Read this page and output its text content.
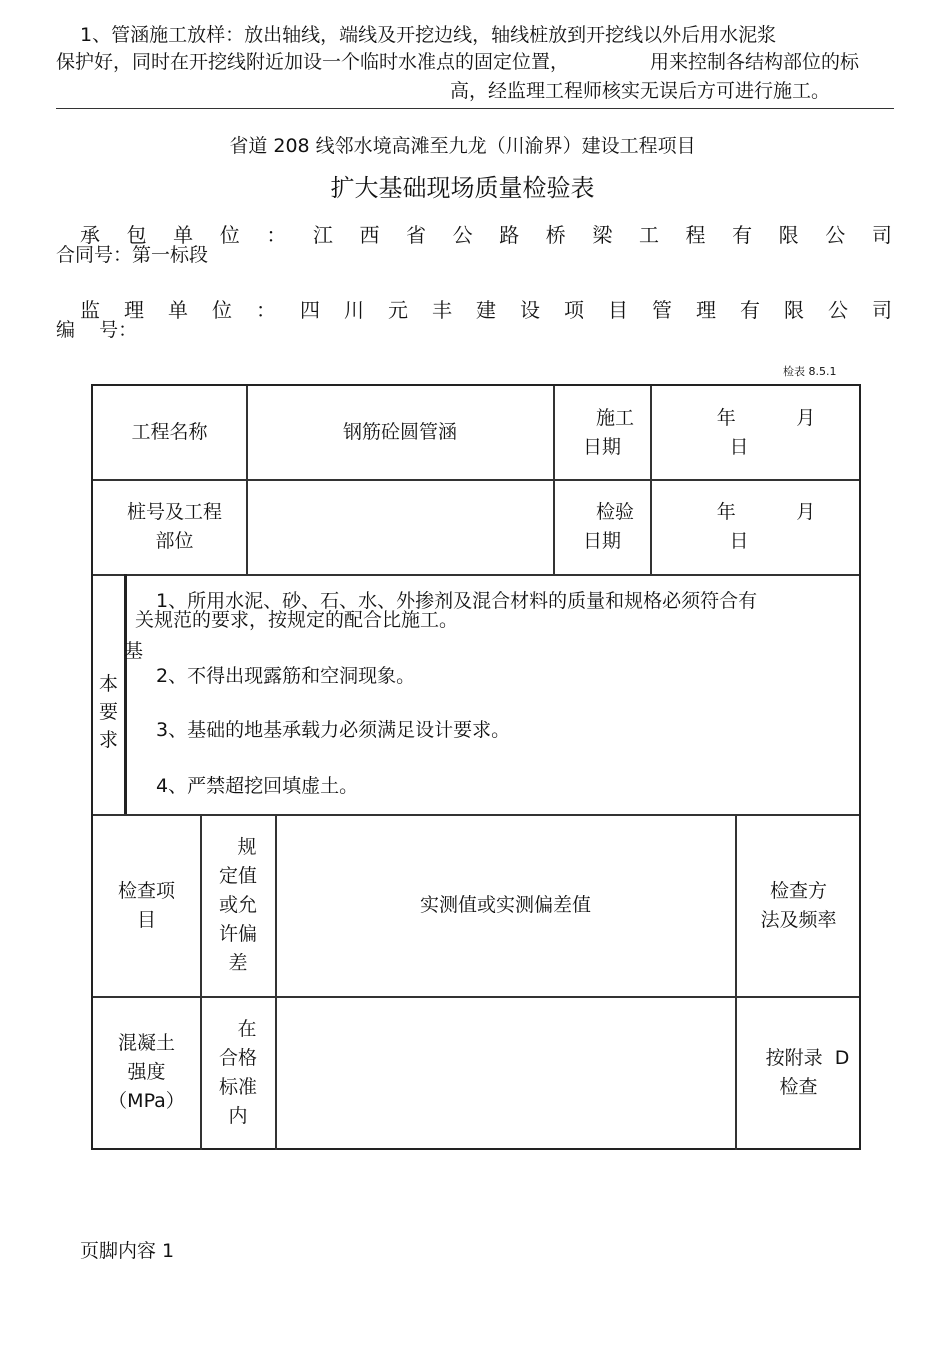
1、管涵施工放样：放出轴线，端线及开挖边线，轴线桩放到开挖线以外后用水泥浆
保护好，同时在开挖线附近加设一个临时水准点的固定位置，	用来控制各结构部位的标
高，经监理工程师核实无误后方可进行施工。
省道 208 线邻水境高滩至九龙（川渝界）建设工程项目
扩大基础现场质量检验表
承 包 单 位 ： 江 西 省 公 路 桥 梁 工 程 有 限 公 司
合同号：第一标段
监 理 单 位 ： 四 川 元 丰 建 设 项 目 管 理 有 限 公 司
编    号：
检表 8.5.1
工程名称	钢筋砼圆管涵
施工
日期
年          月
日
桩号及工程
部位
检验
日期
年          月
日
基
本
要
求
1、所用水泥、砂、石、水、外掺剂及混合材料的质量和规格必须符合有
关规范的要求，按规定的配合比施工。
2、不得出现露筋和空洞现象。
3、基础的地基承载力必须满足设计要求。
4、严禁超挖回填虚土。
检查项
目
规
定值
或允
许偏
差
实测值或实测偏差值
检查方
法及频率
混凝土
强度
（MPa）
在
合格
标准
内
按附录  D
检查
页脚内容 1
